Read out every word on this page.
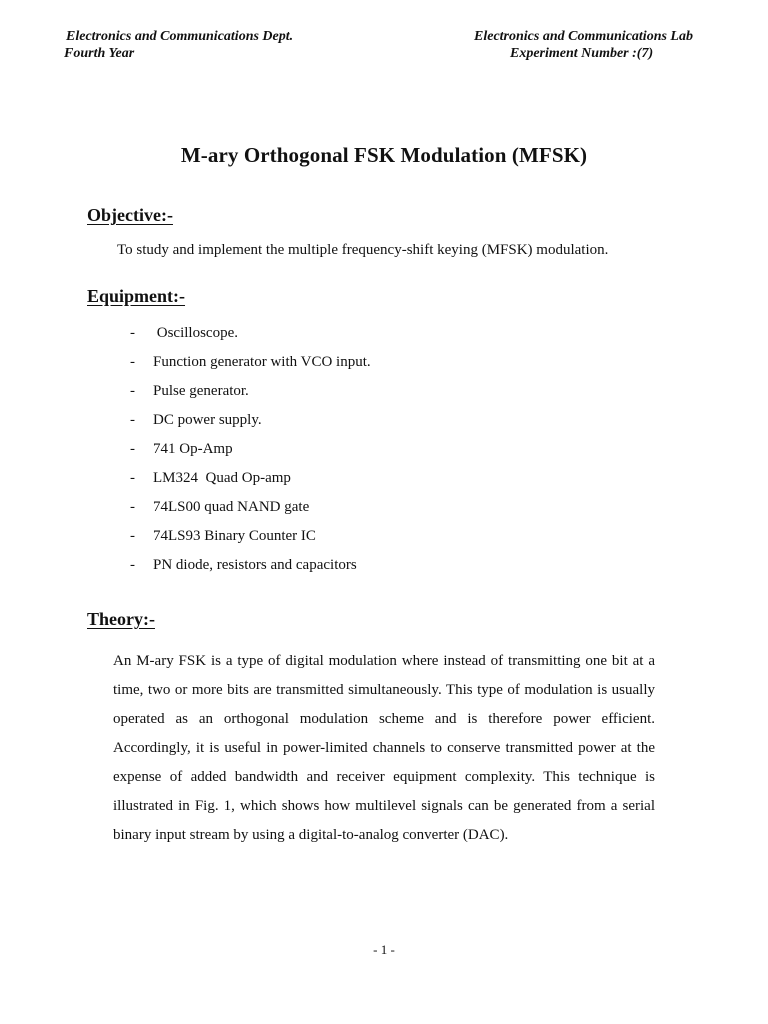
Electronics and Communications Dept.
Fourth Year
Electronics and Communications Lab
Experiment Number :(7)
M-ary Orthogonal FSK Modulation (MFSK)
Objective:-
To study and implement the multiple frequency-shift keying (MFSK) modulation.
Equipment:-
- Oscilloscope.
- Function generator with VCO input.
- Pulse generator.
- DC power supply.
- 741 Op-Amp
- LM324  Quad Op-amp
- 74LS00 quad NAND gate
- 74LS93 Binary Counter IC
- PN diode, resistors and capacitors
Theory:-

An M-ary FSK is a type of digital modulation where instead of transmitting one bit at a time, two or more bits are transmitted simultaneously. This type of modulation is usually operated as an orthogonal modulation scheme and is therefore power efficient. Accordingly, it is useful in power-limited channels to conserve transmitted power at the expense of added bandwidth and receiver equipment complexity. This technique is illustrated in Fig. 1, which shows how multilevel signals can be generated from a serial binary input stream by using a digital-to-analog converter (DAC).

- 1 -
